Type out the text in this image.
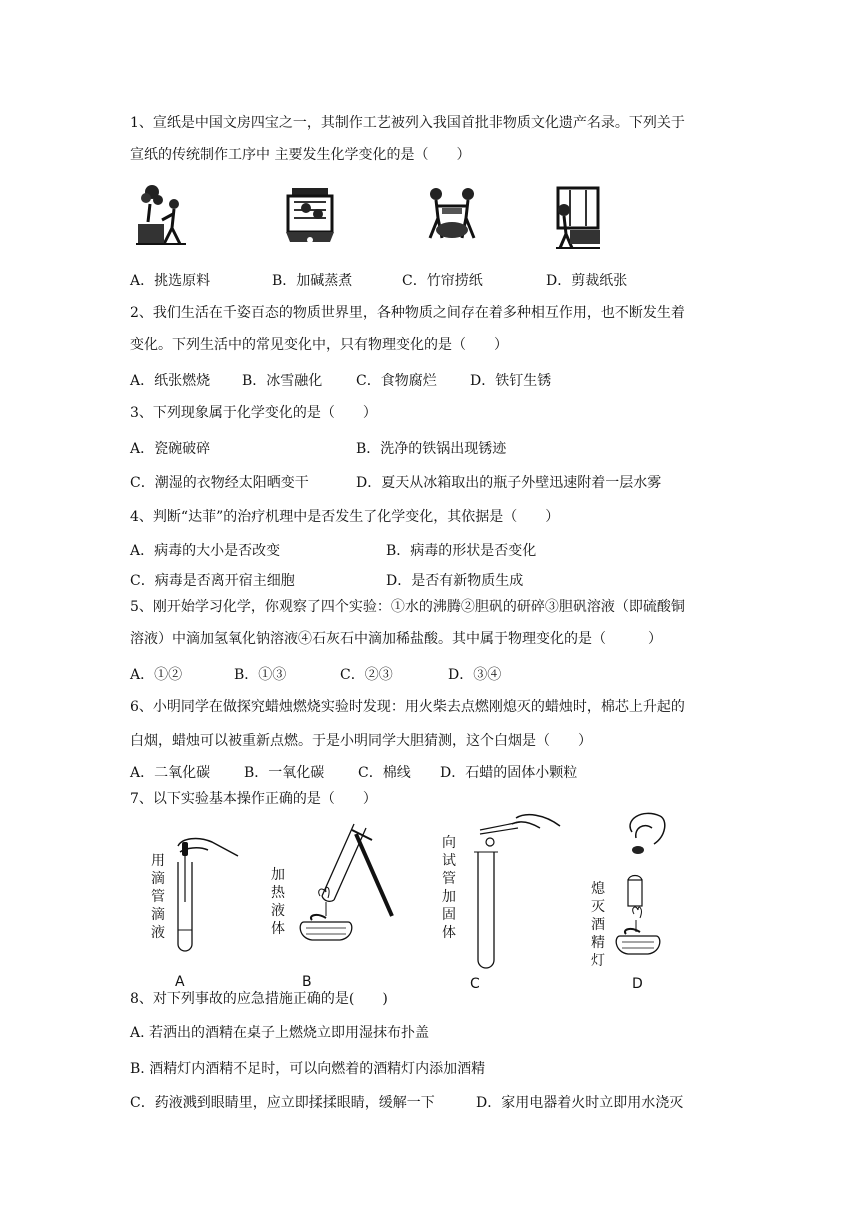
1、宣纸是中国文房四宝之一，其制作工艺被列入我国首批非物质文化遗产名录。下列关于
宣纸的传统制作工序中 主要发生化学变化的是（　　）
A．挑选原料	B．加碱蒸煮	C．竹帘捞纸	D．剪裁纸张
2、我们生活在千姿百态的物质世界里，各种物质之间存在着多种相互作用，也不断发生着
变化。下列生活中的常见变化中，只有物理变化的是（　　）
A．纸张燃烧 B．冰雪融化 C．食物腐烂 D．铁钉生锈
3、下列现象属于化学变化的是（　　）
A．瓷碗破碎	B．洗净的铁锅出现锈迹
C．潮湿的衣物经太阳晒变干	D．夏天从冰箱取出的瓶子外壁迅速附着一层水雾
4、判断“达菲”的治疗机理中是否发生了化学变化，其依据是（　　）
A．病毒的大小是否改变	B．病毒的形状是否变化
C．病毒是否离开宿主细胞	D．是否有新物质生成
5、刚开始学习化学，你观察了四个实验：①水的沸腾②胆矾的研碎③胆矾溶液（即硫酸铜
溶液）中滴加氢氧化钠溶液④石灰石中滴加稀盐酸。其中属于物理变化的是（　　　）
A．①②	B．①③	C．②③	D．③④
6、小明同学在做探究蜡烛燃烧实验时发现：用火柴去点燃刚熄灭的蜡烛时，棉芯上升起的
白烟，蜡烛可以被重新点燃。于是小明同学大胆猜测，这个白烟是（　　）
A．二氧化碳 B．一氧化碳 C．棉线 D．石蜡的固体小颗粒
7、以下实验基本操作正确的是（　　）
用
滴
管
滴
液
A
加
热
液
体
B
向
试
管
加
固
体
C
熄
灭
酒
精
灯
D
8、对下列事故的应急措施正确的是(　　)
A. 若洒出的酒精在桌子上燃烧立即用湿抹布扑盖
B. 酒精灯内酒精不足时，可以向燃着的酒精灯内添加酒精
C．药液溅到眼睛里，应立即揉揉眼睛，缓解一下	D．家用电器着火时立即用水浇灭
